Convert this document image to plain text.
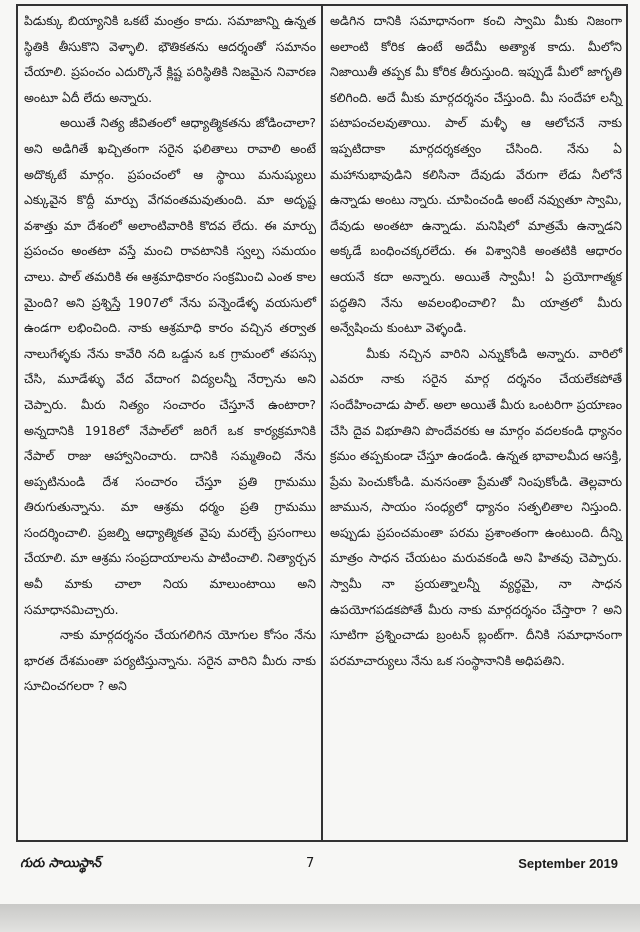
పిడుక్కు బియ్యానికి ఒకటే మంత్రం కాదు. సమాజాన్ని ఉన్నత స్థితికి తీసుకొని వెళ్ళాలి. భౌతికతను ఆదర్శంతో సమానం చేయాలి. ప్రపంచం ఎదుర్కొనే క్లిష్ట పరిస్థితికి నిజమైన నివారణ అంటూ ఏదీ లేదు అన్నారు.

అయితే నిత్య జీవితంలో ఆధ్యాత్మికతను జోడించాలా? అని అడిగితే ఖచ్చితంగా సరైన ఫలితాలు రావాలి అంటే అదొక్కటే మార్గం. ప్రపంచంలో ఆ స్థాయి మనుష్యులు ఎక్కువైన కొద్దీ మార్పు వేగవంతమవుతుంది. మా అదృష్ట వశాత్తు మా దేశంలో అలాంటివారికి కొదవ లేదు. ఈ మార్పు ప్రపంచం అంతటా వస్తే మంచి రావటానికి స్వల్ప సమయం చాలు. పాల్ తమరికి ఈ ఆశ్రమాధికారం సంక్రమించి ఎంత కాల మైంది? అని ప్రశ్నిస్తే 1907లో నేను పన్నెండేళ్ళ వయసులో ఉండగా లభించింది. నాకు ఆశ్రమాధి కారం వచ్చిన తర్వాత నాలుగేళ్ళకు నేను కావేరి నది ఒడ్డున ఒక గ్రామంలో తపస్సు చేసి, మూడేళ్ళు వేద వేదాంగ విద్యలన్నీ నేర్చాను అని చెప్పారు. మీరు నిత్యం సంచారం చేస్తూనే ఉంటారా? అన్నదానికి 1918లో నేపాల్‌లో జరిగే ఒక కార్యక్రమానికి నేపాల్ రాజు ఆహ్వానించారు. దానికి సమ్మతించి నేను అప్పటినుండి దేశ సంచారం చేస్తూ ప్రతి గ్రామము తిరుగుతున్నాను. మా ఆశ్రమ ధర్మం ప్రతి గ్రామము సందర్శించాలి. ప్రజల్ని ఆధ్యాత్మికత వైపు మరల్చే ప్రసంగాలు చేయాలి. మా ఆశ్రమ సంప్రదాయాలను పాటించాలి. నిత్యార్చన అవీ మాకు చాలా నియ మాలుంటాయి అని సమాధానమిచ్చారు.

నాకు మార్గదర్శనం చేయగలిగిన యోగుల కోసం నేను భారత దేశమంతా పర్యటిస్తున్నాను. సరైన వారిని మీరు నాకు సూచించగలరా ? అని

అడిగిన దానికి సమాధానంగా కంచి స్వామి మీకు నిజంగా అలాంటి కోరిక ఉంటే అదేమీ అత్యాశ కాదు. మీలోని నిజాయితీ తప్పక మీ కోరిక తీరుస్తుంది. ఇప్పుడే మీలో జాగృతి కలిగింది. అదే మీకు మార్గదర్శనం చేస్తుంది. మీ సందేహా లన్నీ పటాపంచలవుతాయి. పాల్ మళ్ళీ ఆ ఆలోచనే నాకు ఇప్పటిదాకా మార్గదర్శకత్వం చేసింది. నేను ఏ మహానుభావుడిని కలిసినా దేవుడు వేరుగా లేడు నీలోనే ఉన్నాడు అంటు న్నారు. చూపించండి అంటే నవ్వుతూ స్వామి, దేవుడు అంతటా ఉన్నాడు. మనిషిలో మాత్రమే ఉన్నాడని అక్కడే బంధించక్కరలేదు. ఈ విశ్వానికి అంతటికి ఆధారం ఆయనే కదా అన్నారు. అయితే స్వామీ! ఏ ప్రయోగాత్మక పద్ధతిని నేను అవలంభించాలి? మీ యాత్రలో మీరు అన్వేషించు కుంటూ వెళ్ళండి.

మీకు నచ్చిన వారిని ఎన్నుకోండి అన్నారు. వారిలో ఎవరూ నాకు సరైన మార్గ దర్శనం చేయలేకపోతే సందేహించాడు పాల్. అలా అయితే మీరు ఒంటరిగా ప్రయాణం చేసి దైవ విభూతిని పొందేవరకు ఆ మార్గం వదలకండి ధ్యానం క్రమం తప్పకుండా చేస్తూ ఉండండి. ఉన్నత భావాలమీద ఆసక్తి, ప్రేమ పెంచుకోండి. మనసంతా ప్రేమతో నింపుకోండి. తెల్లవారు జామున, సాయం సంధ్యలో ధ్యానం సత్ఫలితాల నిస్తుంది. అప్పుడు ప్రపంచమంతా పరమ ప్రశాంతంగా ఉంటుంది. దీన్ని మాత్రం సాధన చేయటం మరువకండి అని హితవు చెప్పారు. స్వామీ నా ప్రయత్నాలన్నీ వ్యర్థమై, నా సాధన ఉపయోగపడకపోతే మీరు నాకు మార్గదర్శనం చేస్తారా ? అని సూటిగా ప్రశ్నించాడు బ్రంటన్ బ్లంట్‌గా. దీనికి సమాధానంగా పరమాచార్యులు నేను ఒక సంస్థానానికి అధిపతిని.

గురు సాయిస్థాన్	7	September 2019
